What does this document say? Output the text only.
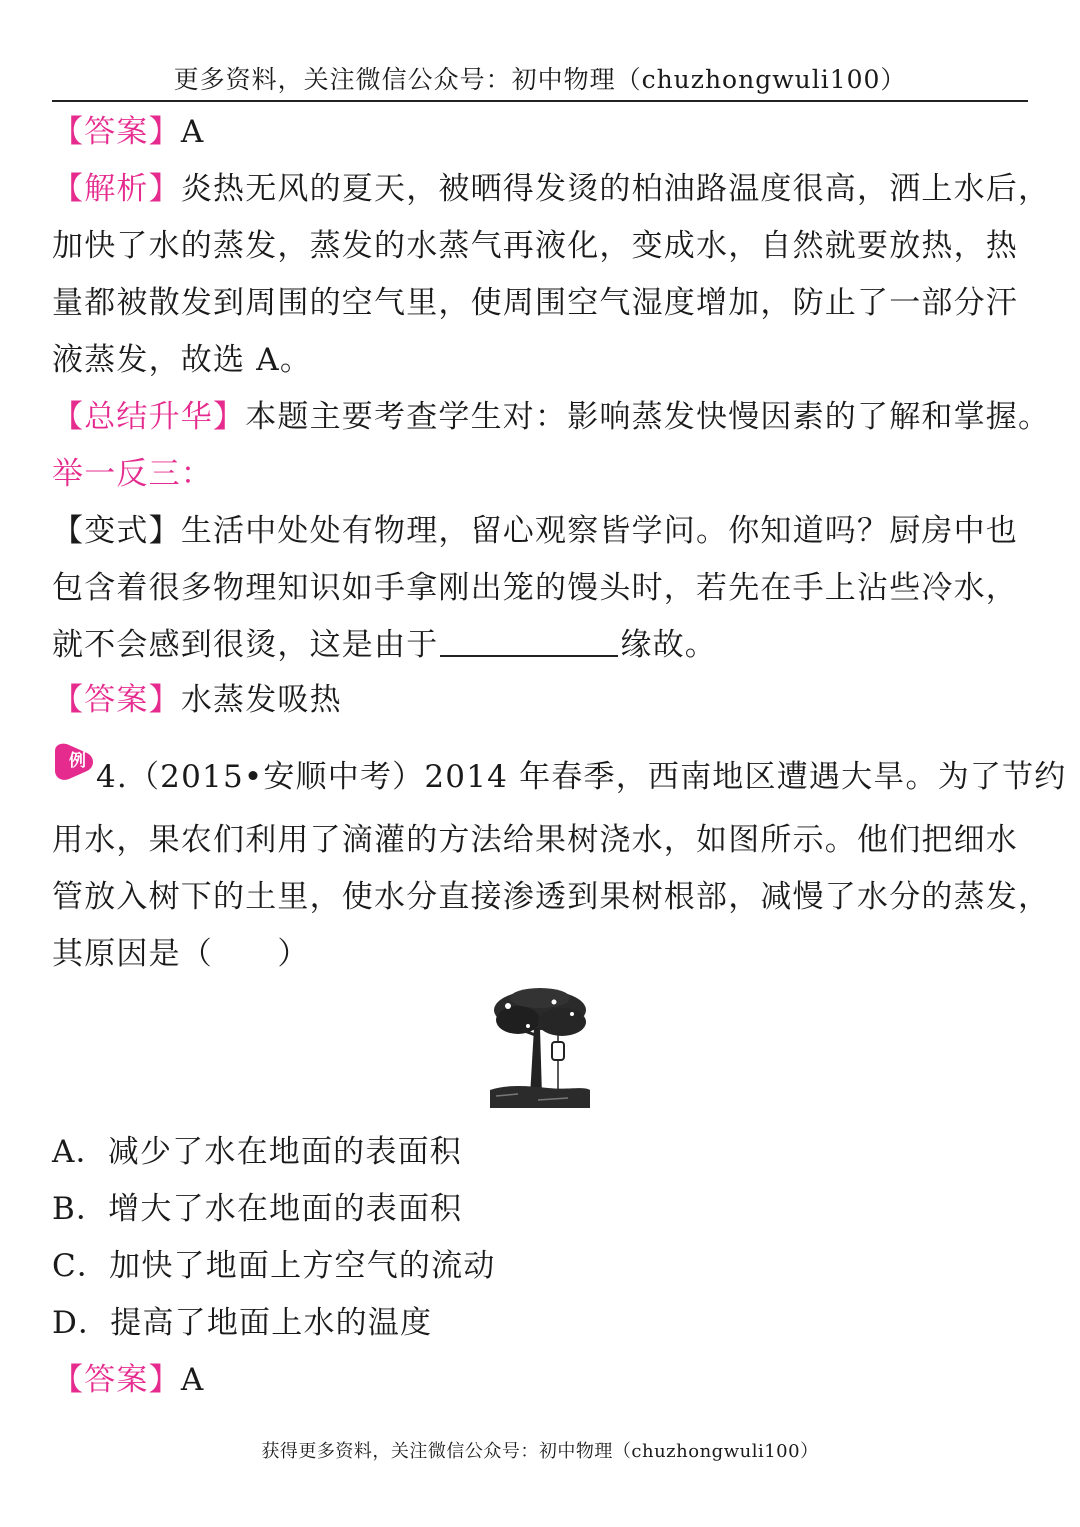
更多资料，关注微信公众号：初中物理（chuzhongwuli100）
【答案】A
【解析】炎热无风的夏天，被晒得发烫的柏油路温度很高，洒上水后，
加快了水的蒸发，蒸发的水蒸气再液化，变成水，自然就要放热，热
量都被散发到周围的空气里，使周围空气湿度增加，防止了一部分汗
液蒸发，故选 A。
【总结升华】本题主要考查学生对：影响蒸发快慢因素的了解和掌握。
举一反三：
【变式】生活中处处有物理，留心观察皆学问。你知道吗？厨房中也
包含着很多物理知识如手拿刚出笼的馒头时，若先在手上沾些冷水，
就不会感到很烫，这是由于	缘故。
【答案】水蒸发吸热
例 4.（2015•安顺中考）2014 年春季，西南地区遭遇大旱。为了节约
用水，果农们利用了滴灌的方法给果树浇水，如图所示。他们把细水
管放入树下的土里，使水分直接渗透到果树根部，减慢了水分的蒸发，
其原因是（　　）
A．减少了水在地面的表面积
B．增大了水在地面的表面积
C．加快了地面上方空气的流动
D．提高了地面上水的温度
【答案】A
获得更多资料，关注微信公众号：初中物理（chuzhongwuli100）
